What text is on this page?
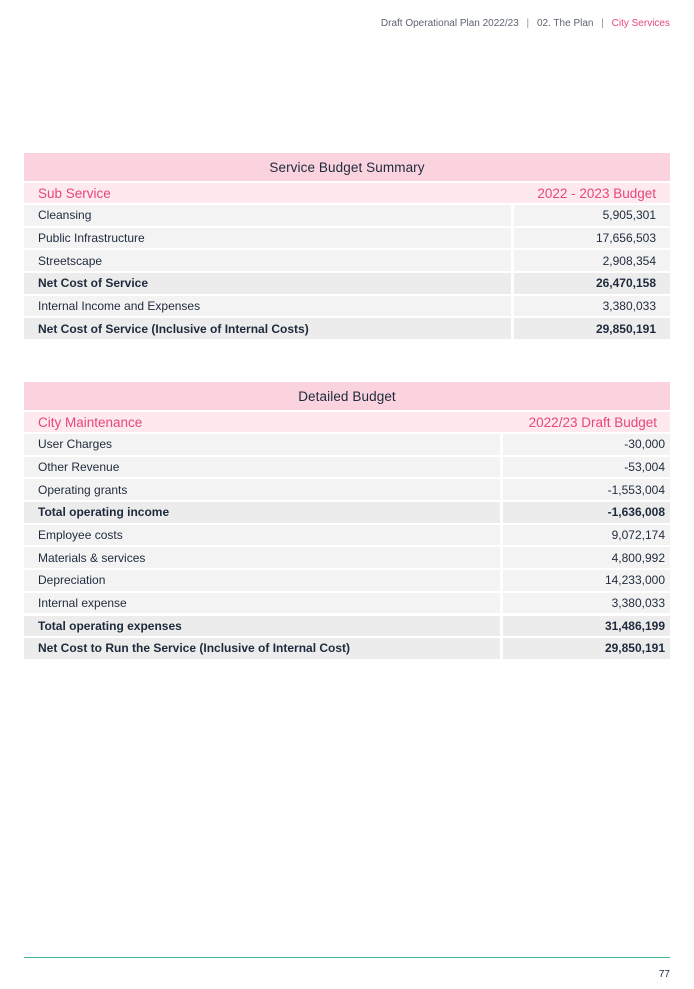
Draft Operational Plan 2022/23 | 02. The Plan | City Services
Service Budget Summary
Sub Service	2022 - 2023 Budget
Cleansing	5,905,301
Public Infrastructure	17,656,503
Streetscape	2,908,354
Net Cost of Service	26,470,158
Internal Income and Expenses	3,380,033
Net Cost of Service (Inclusive of Internal Costs)	29,850,191
Detailed Budget
City Maintenance	2022/23 Draft Budget
User Charges	-30,000
Other Revenue	-53,004
Operating grants	-1,553,004
Total operating income	-1,636,008
Employee costs	9,072,174
Materials & services	4,800,992
Depreciation	14,233,000
Internal expense	3,380,033
Total operating expenses	31,486,199
Net Cost to Run the Service (Inclusive of Internal Cost)	29,850,191
77
